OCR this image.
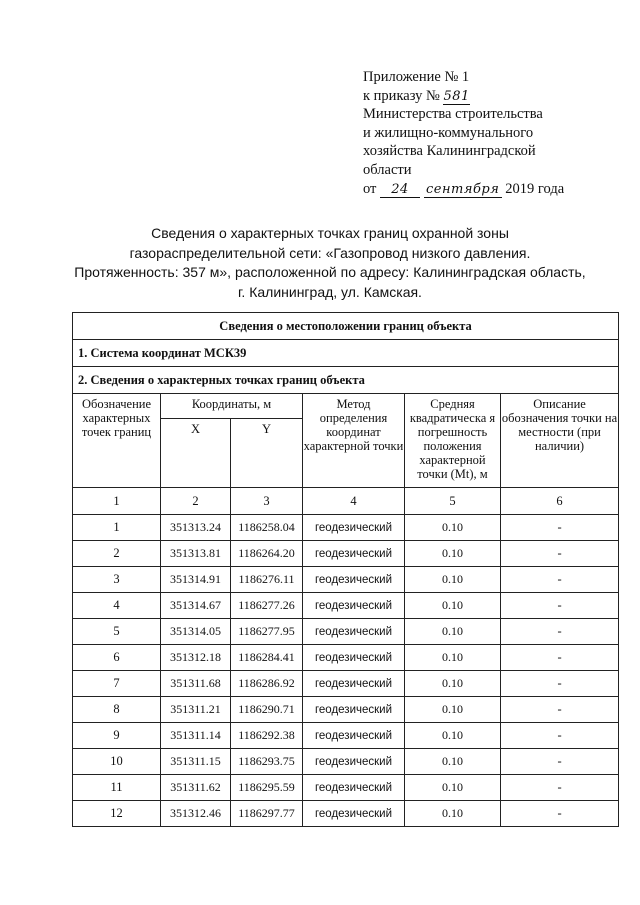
Приложение № 1
к приказу № 581
Министерства строительства
и жилищно-коммунального
хозяйства Калининградской
области
от 24 сентября 2019 года
Сведения о характерных точках границ охранной зоны
газораспределительной сети: «Газопровод низкого давления.
Протяженность: 357 м», расположенной по адресу: Калининградская область,
г. Калининград, ул. Камская.
Сведения о местоположении границ объекта					
1. Система координат МСК39					
2. Сведения о характерных точках границ объекта					
Обозначение характерных точек границ	Координаты, м		Метод определения координат характерной точки	Средняя квадратическа я погрешность положения характерной точки (Mt), м	Описание обозначения точки на местности (при наличии)
	X	Y			
1	2	3	4	5	6
1	351313.24	1186258.04	геодезический	0.10	-
2	351313.81	1186264.20	геодезический	0.10	-
3	351314.91	1186276.11	геодезический	0.10	-
4	351314.67	1186277.26	геодезический	0.10	-
5	351314.05	1186277.95	геодезический	0.10	-
6	351312.18	1186284.41	геодезический	0.10	-
7	351311.68	1186286.92	геодезический	0.10	-
8	351311.21	1186290.71	геодезический	0.10	-
9	351311.14	1186292.38	геодезический	0.10	-
10	351311.15	1186293.75	геодезический	0.10	-
11	351311.62	1186295.59	геодезический	0.10	-
12	351312.46	1186297.77	геодезический	0.10	-
